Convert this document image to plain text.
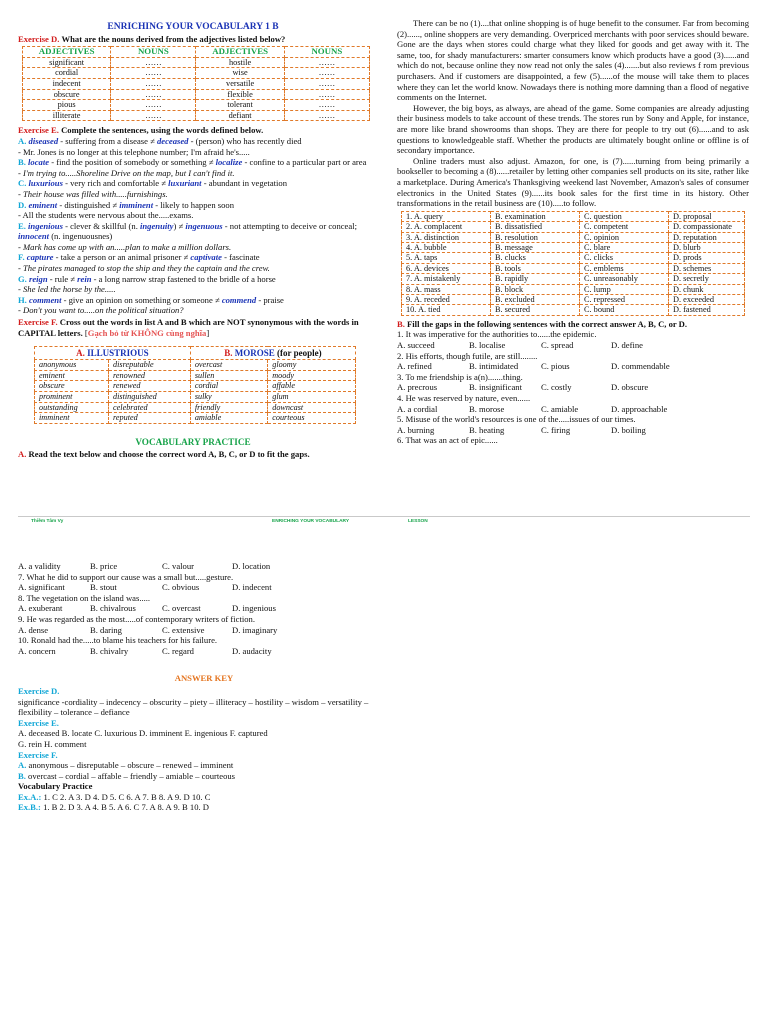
ENRICHING YOUR VOCABULARY 1 B

Exercise D. What are the nouns derived from the adjectives listed below?

ADJECTIVES	NOUNS	ADJECTIVES	NOUNS
significant	……	hostile	……
cordial	……	wise	……
indecent	……	versatile	……
obscure	……	flexible	……
pious	……	tolerant	……
illiterate	……	defiant	……

Exercise E. Complete the sentences, using the words defined below.

A. diseased - suffering from a disease ≠ deceased - (person) who has recently died

- Mr. Jones is no longer at this telephone number; I'm afraid he's.....

B. locate - find the position of somebody or something ≠ localize - confine to a particular part or area

- I'm trying to.....Shoreline Drive on the map, but I can't find it.

C. luxurious - very rich and comfortable ≠ luxuriant - abundant in vegetation

- Their house was filled with.....furnishings.

D. eminent - distinguished ≠ imminent - likely to happen soon

- All the students were nervous about the.....exams.

E. ingenious - clever & skillful (n. ingenuity) ≠ ingenuous - not attempting to deceive or conceal; innocent (n. ingenuousnes)

- Mark has come up with an.....plan to make a million dollars.

F. capture - take a person or an animal prisoner ≠ captivate - fascinate

- The pirates managed to stop the ship and they the captain and the crew.

G. reign - rule ≠ rein - a long narrow strap fastened to the bridle of a horse

- She led the horse by the.....

H. comment - give an opinion on something or someone ≠ commend - praise

- Don't you want to.....on the political situation?

Exercise F. Cross out the words in list A and B which are NOT synonymous with the words in CAPITAL letters. [Gạch bỏ từ KHÔNG cùng nghĩa]

A. ILLUSTRIOUS		B. MOROSE (for people)	
anonymous	disreputable	overcast	gloomy
eminent	renowned	sullen	moody
obscure	renewed	cordial	affable
prominent	distinguished	sulky	glum
outstanding	celebrated	friendly	downcast
imminent	reputed	amiable	courteous
VOCABULARY PRACTICE

A. Read the text below and choose the correct word A, B, C, or D to fit the gaps.

There can be no (1)....that online shopping is of huge benefit to the consumer. Far from becoming (2)......, online shoppers are very demanding. Overpriced merchants with poor services should beware. Gone are the days when stores could charge what they liked for goods and get away with it. The same, too, for shady manufacturers: smarter consumers know which products have a good (3)......and which do not, because online they now read not only the sales (4).......but also reviews f rom previous purchasers. And if customers are disappointed, a few (5)......of the mouse will take them to places where they can let the world know. Nowadays there is nothing more damning than a flood of negative comments on the Internet.

However, the big boys, as always, are ahead of the game. Some companies are already adjusting their business models to take account of these trends. The stores run by Sony and Apple, for instance, are more like brand showrooms than shops. They are there for people to try out (6)......and to ask questions to knowledgeable staff. Whether the products are ultimately bought online or offline is of secondary importance.

Online traders must also adjust. Amazon, for one, is (7)......turning from being primarily a bookseller to becoming a (8)......retailer by letting other companies sell products on its site, rather like a marketplace. During America's Thanksgiving weekend last November, Amazon's sales of consumer electronics in the United States (9)......its book sales for the first time in its history. Other transformations in the retail business are (10).....to follow.

1. A. query	B. examination	C. question	D. proposal
2. A. complacent	B. dissatisfied	C. competent	D. compassionate
3. A. distinction	B. resolution	C. opinion	D. reputation
4. A. bubble	B. message	C. blare	D. blurb
5. A. taps	B. clucks	C. clicks	D. prods
6. A. devices	B. tools	C. emblems	D. schemes
7. A. mistakenly	B. rapidly	C. unreasonably	D. secretly
8. A. mass	B. block	C. lump	D. chunk
9. A. receded	B. excluded	C. repressed	D. exceeded
10. A. tied	B. secured	C. bound	D. fastened

B. Fill the gaps in the following sentences with the correct answer A, B, C, or D.

1. It was imperative for the authorities to......the epidemic.

A. succeed	B. localise	C. spread	D. define

2. His efforts, though futile, are still........

A. refined	B. intimidated	C. pious	D. commendable

3. To me friendship is a(n).......thing.

A. precrous	B. insignificant	C. costly	D. obscure

4. He was reserved by nature, even......

A. a cordial	B. morose	C. amiable	D. approachable

5. Misuse of the world's resources is one of the.....issues of our times.

A. burning	B. heating	C. firing	D. boiling

6. That was an act of epic......

Thiềm Tâm Vy	ENRICHING YOUR VOCABULARY	LESSON
A. a validity	B. price	C. valour	D. location

7. What he did to support our cause was a small but.....gesture.

A. significant	B. stout	C. obvious	D. indecent

8. The vegetation on the island was.....

A. exuberant	B. chivalrous	C. overcast	D. ingenious

9. He was regarded as the most.....of contemporary writers of fiction.

A. dense	B. daring	C. extensive	D. imaginary

10. Ronald had the.....to blame his teachers for his failure.

A. concern	B. chivalry	C. regard	D. audacity
ANSWER KEY
Exercise D.

significance -cordiality – indecency – obscurity – piety – illiteracy – hostility – wisdom – versatility – flexibility – tolerance – defiance

Exercise E.

A. deceased B. locate C. luxurious D. imminent E. ingenious F. captured

G. rein H. comment

Exercise F.

A. anonymous – disreputable – obscure – renewed – imminent

B. overcast – cordial – affable – friendly – amiable – courteous

Vocabulary Practice

Ex.A.: 1. C 2. A 3. D 4. D 5. C 6. A 7. B 8. A 9. D 10. C

Ex.B.: 1. B 2. D 3. A 4. B 5. A 6. C 7. A 8. A 9. B 10. D
